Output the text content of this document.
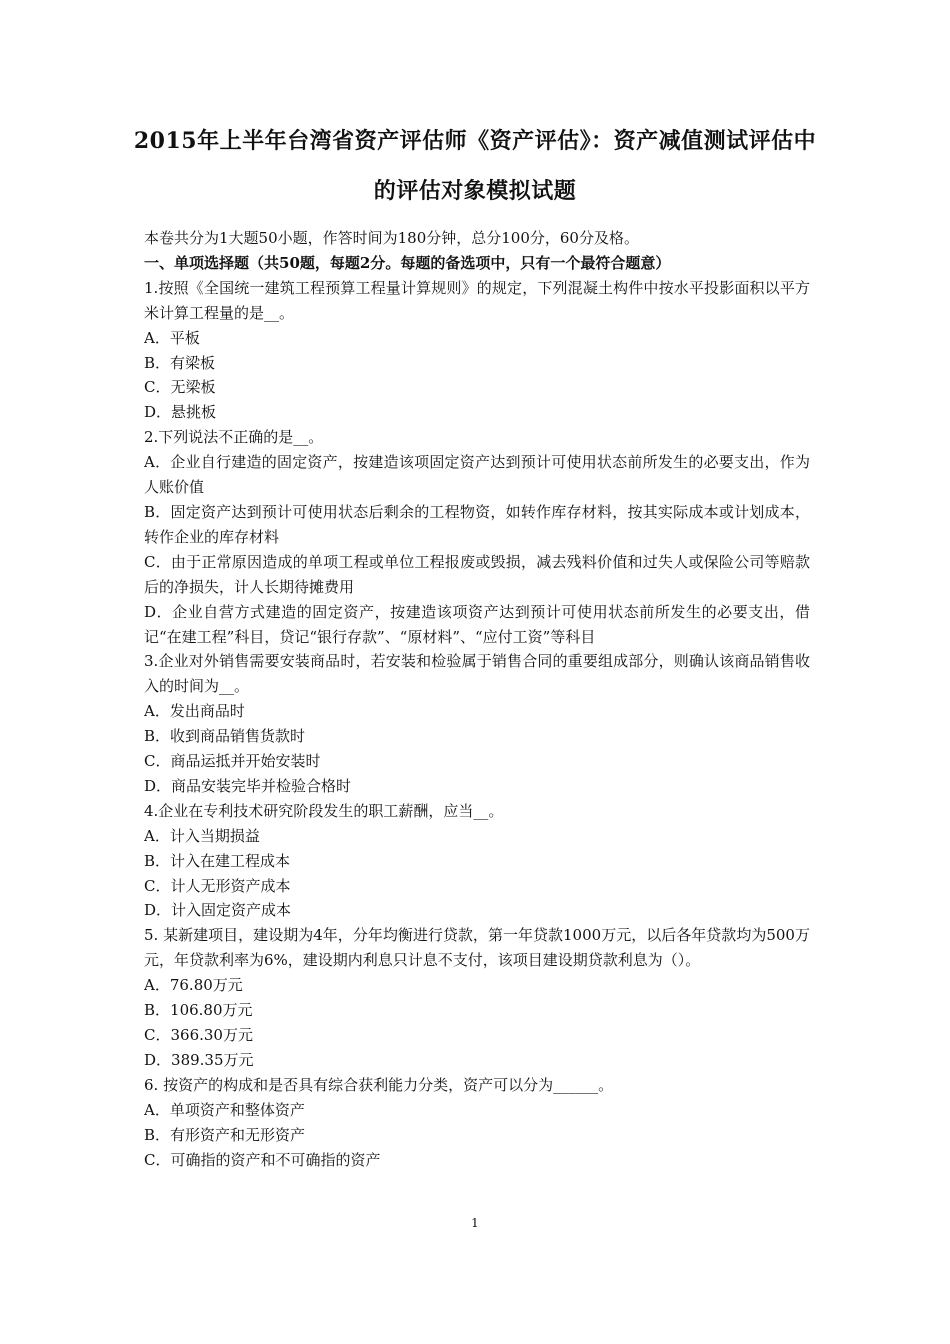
2015年上半年台湾省资产评估师《资产评估》：资产减值测试评估中
的评估对象模拟试题

本卷共分为1大题50小题，作答时间为180分钟，总分100分，60分及格。

一、单项选择题（共50题，每题2分。每题的备选项中，只有一个最符合题意）

1.按照《全国统一建筑工程预算工程量计算规则》的规定，下列混凝土构件中按水平投影面积以平方米计算工程量的是__。

A．平板

B．有梁板

C．无梁板

D．悬挑板

2.下列说法不正确的是__。

A．企业自行建造的固定资产，按建造该项固定资产达到预计可使用状态前所发生的必要支出，作为人账价值

B．固定资产达到预计可使用状态后剩余的工程物资，如转作库存材料，按其实际成本或计划成本，转作企业的库存材料

C．由于正常原因造成的单项工程或单位工程报废或毁损，减去残料价值和过失人或保险公司等赔款后的净损失，计人长期待摊费用

D．企业自营方式建造的固定资产，按建造该项资产达到预计可使用状态前所发生的必要支出，借记“在建工程”科目，贷记“银行存款”、“原材料”、“应付工资”等科目

3.企业对外销售需要安装商品时，若安装和检验属于销售合同的重要组成部分，则确认该商品销售收入的时间为__。

A．发出商品时

B．收到商品销售货款时

C．商品运抵并开始安装时

D．商品安装完毕并检验合格时

4.企业在专利技术研究阶段发生的职工薪酬，应当__。

A．计入当期损益

B．计入在建工程成本

C．计人无形资产成本

D．计入固定资产成本

5. 某新建项目，建设期为4年，分年均衡进行贷款，第一年贷款1000万元，以后各年贷款均为500万元，年贷款利率为6%，建设期内利息只计息不支付，该项目建设期贷款利息为（）。

A．76.80万元

B．106.80万元

C．366.30万元

D．389.35万元

6. 按资产的构成和是否具有综合获利能力分类，资产可以分为______。

A．单项资产和整体资产

B．有形资产和无形资产

C．可确指的资产和不可确指的资产

1
